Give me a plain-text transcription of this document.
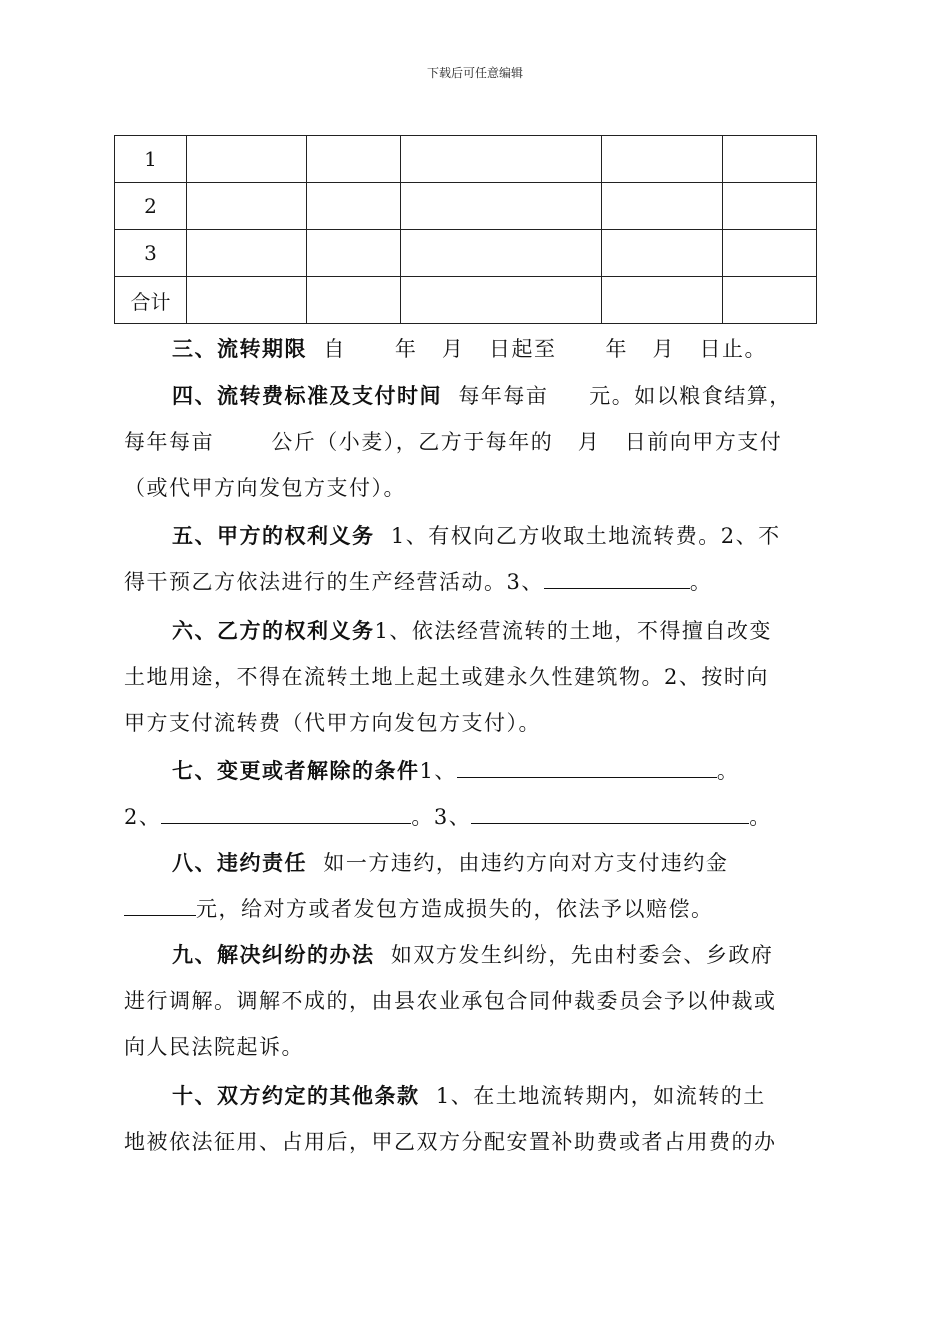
下载后可任意编辑
1					
2					
3					
合计					
三、流转期限  自      年   月   日起至      年   月   日止。
四、流转费标准及支付时间  每年每亩     元。如以粮食结算，
每年每亩       公斤（小麦），乙方于每年的   月   日前向甲方支付
（或代甲方向发包方支付）。
五、甲方的权利义务  1、有权向乙方收取土地流转费。2、不
得干预乙方依法进行的生产经营活动。3、	。
六、乙方的权利义务1、依法经营流转的土地，不得擅自改变
土地用途，不得在流转土地上起土或建永久性建筑物。2、按时向
甲方支付流转费（代甲方向发包方支付）。
七、变更或者解除的条件1、	。
2、	。3、	。
八、违约责任  如一方违约，由违约方向对方支付违约金
元，给对方或者发包方造成损失的，依法予以赔偿。
九、解决纠纷的办法  如双方发生纠纷，先由村委会、乡政府
进行调解。调解不成的，由县农业承包合同仲裁委员会予以仲裁或
向人民法院起诉。
十、双方约定的其他条款  1、在土地流转期内，如流转的土
地被依法征用、占用后，甲乙双方分配安置补助费或者占用费的办
